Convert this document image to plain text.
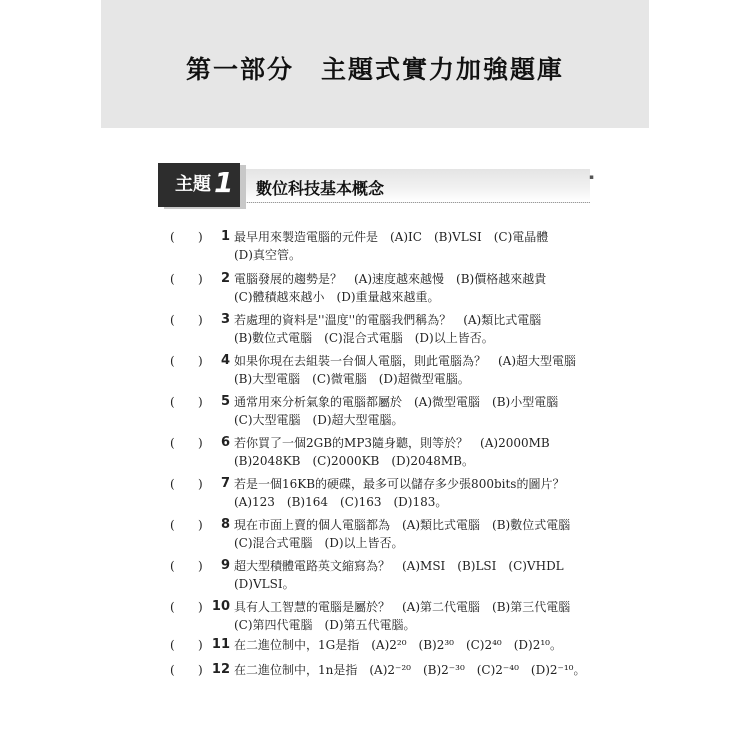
第一部分　主題式實力加強題庫
主題 1 數位科技基本概念
▪
( )	1 最早用來製造電腦的元件是　(A)IC　(B)VLSI　(C)電晶體
(D)真空管。
( )	2 電腦發展的趨勢是？　(A)速度越來越慢　(B)價格越來越貴
(C)體積越來越小　(D)重量越來越重。
( )	3 若處理的資料是''溫度''的電腦我們稱為？　(A)類比式電腦
(B)數位式電腦　(C)混合式電腦　(D)以上皆否。
( )	4 如果你現在去組裝一台個人電腦，則此電腦為？　(A)超大型電腦
(B)大型電腦　(C)微電腦　(D)超微型電腦。
( )	5 通常用來分析氣象的電腦都屬於　(A)微型電腦　(B)小型電腦
(C)大型電腦　(D)超大型電腦。
( )	6 若你買了一個2GB的MP3隨身聽，則等於？　(A)2000MB
(B)2048KB　(C)2000KB　(D)2048MB。
( )	7 若是一個16KB的硬碟，最多可以儲存多少張800bits的圖片？
(A)123　(B)164　(C)163　(D)183。
( )	8 現在市面上賣的個人電腦都為　(A)類比式電腦　(B)數位式電腦
(C)混合式電腦　(D)以上皆否。
( )	9 超大型積體電路英文縮寫為？　(A)MSI　(B)LSI　(C)VHDL
(D)VLSI。
( ) 10 具有人工智慧的電腦是屬於？　(A)第二代電腦　(B)第三代電腦
(C)第四代電腦　(D)第五代電腦。
( ) 11 在二進位制中，1G是指　(A)2²⁰　(B)2³⁰　(C)2⁴⁰　(D)2¹⁰。
( ) 12 在二進位制中，1n是指　(A)2⁻²⁰　(B)2⁻³⁰　(C)2⁻⁴⁰　(D)2⁻¹⁰。
